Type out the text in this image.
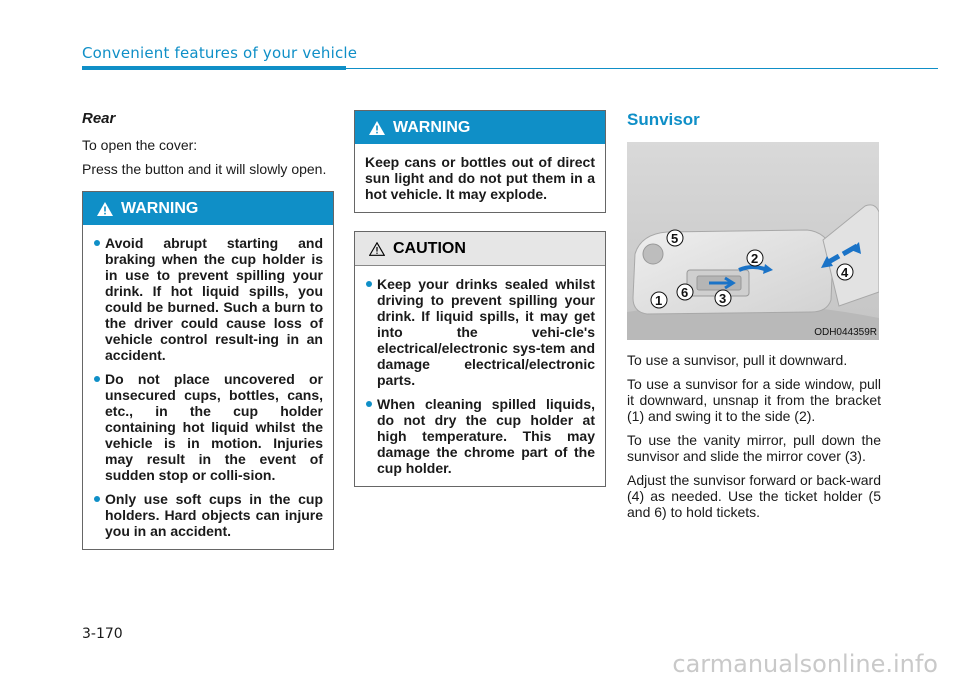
Convenient features of your vehicle
Rear

To open the cover:

Press the button and it will slowly open.

WARNING
Avoid abrupt starting and braking when the cup holder is in use to prevent spilling your drink. If hot liquid spills, you could be burned. Such a burn to the driver could cause loss of vehicle control result-ing in an accident.
Do not place uncovered or unsecured cups, bottles, cans, etc., in the cup holder containing hot liquid whilst the vehicle is in motion. Injuries may result in the event of sudden stop or colli-sion.
Only use soft cups in the cup holders. Hard objects can injure you in an accident.
WARNING
Keep cans or bottles out of direct sun light and do not put them in a hot vehicle. It may explode.
CAUTION
Keep your drinks sealed whilst driving to prevent spilling your drink. If liquid spills, it may get into the vehi-cle's electrical/electronic sys-tem and damage electrical/electronic parts.
When cleaning spilled liquids, do not dry the cup holder at high temperature. This may damage the chrome part of the cup holder.
Sunvisor
5
2
4
1
6 3
ODH044359R

To use a sunvisor, pull it downward.

To use a sunvisor for a side window, pull it downward, unsnap it from the bracket (1) and swing it to the side (2).

To use the vanity mirror, pull down the sunvisor and slide the mirror cover (3).

Adjust the sunvisor forward or back-ward (4) as needed. Use the ticket holder (5 and 6) to hold tickets.

3-170
carmanualsonline.info
